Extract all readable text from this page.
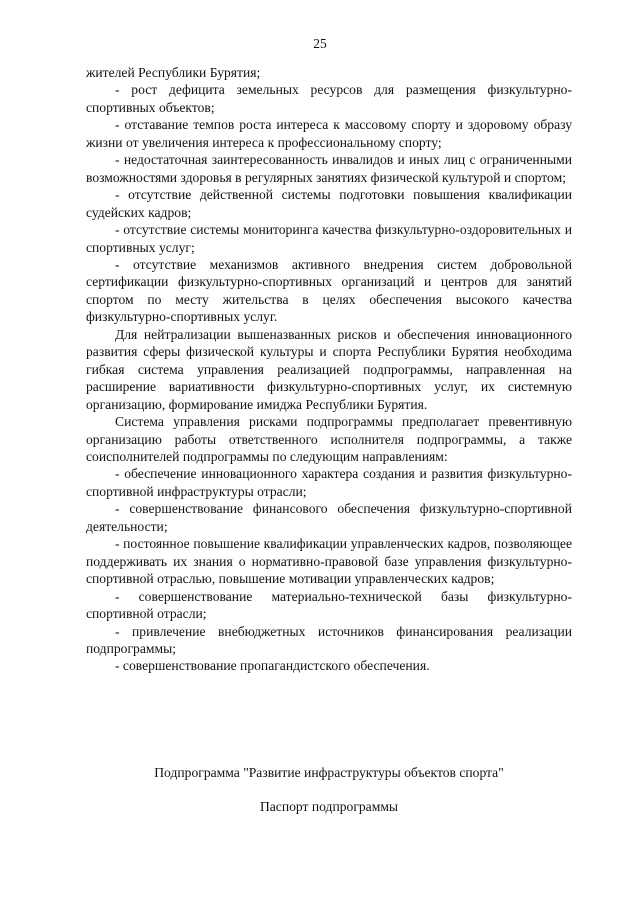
25

жителей Республики Бурятия;

- рост дефицита земельных ресурсов для размещения физкультурно-спортивных объектов;

- отставание темпов роста интереса к массовому спорту и здоровому образу жизни от увеличения интереса к профессиональному спорту;

- недостаточная заинтересованность инвалидов и иных лиц с ограниченными возможностями здоровья в регулярных занятиях физической культурой и спортом;

- отсутствие действенной системы подготовки повышения квалификации судейских кадров;

- отсутствие системы мониторинга качества физкультурно-оздоровительных и спортивных услуг;

- отсутствие механизмов активного внедрения систем добровольной сертификации физкультурно-спортивных организаций и центров для занятий спортом по месту жительства в целях обеспечения высокого качества физкультурно-спортивных услуг.

Для нейтрализации вышеназванных рисков и обеспечения инновационного развития сферы физической культуры и спорта Республики Бурятия необходима гибкая система управления реализацией подпрограммы, направленная на расширение вариативности физкультурно-спортивных услуг, их системную организацию, формирование имиджа Республики Бурятия.

Система управления рисками подпрограммы предполагает превентивную организацию работы ответственного исполнителя подпрограммы, а также соисполнителей подпрограммы по следующим направлениям:

- обеспечение инновационного характера создания и развития физкультурно-спортивной инфраструктуры отрасли;

- совершенствование финансового обеспечения физкультурно-спортивной деятельности;

- постоянное повышение квалификации управленческих кадров, позволяющее поддерживать их знания о нормативно-правовой базе управления физкультурно-спортивной отраслью, повышение мотивации управленческих кадров;

- совершенствование материально-технической базы физкультурно-спортивной отрасли;

- привлечение внебюджетных источников финансирования реализации подпрограммы;

- совершенствование пропагандистского обеспечения.

Подпрограмма "Развитие инфраструктуры объектов спорта"
Паспорт подпрограммы
